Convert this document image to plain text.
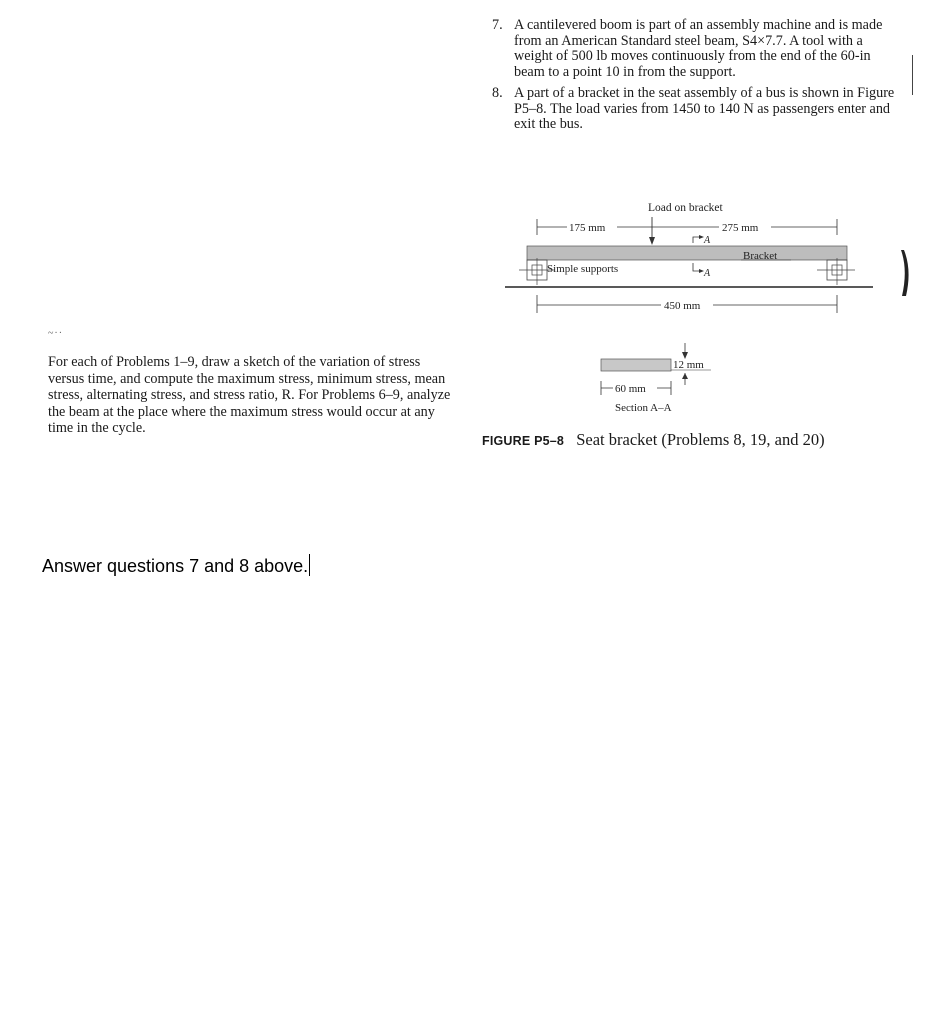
7. A cantilevered boom is part of an assembly machine and is made from an American Standard steel beam, S4×7.7. A tool with a weight of 500 lb moves continuously from the end of the 60-in beam to a point 10 in from the support.
8. A part of a bracket in the seat assembly of a bus is shown in Figure P5–8. The load varies from 1450 to 140 N as passengers enter and exit the bus.
~··
For each of Problems 1–9, draw a sketch of the variation of stress versus time, and compute the maximum stress, minimum stress, mean stress, alternating stress, and stress ratio, R. For Problems 6–9, analyze the beam at the place where the maximum stress would occur at any time in the cycle.
Load on bracket
175 mm	275 mm
A
Bracket
Simple supports	A
450 mm
12 mm
60 mm
Section A–A
FIGURE P5–8 Seat bracket (Problems 8, 19, and 20)
Answer questions 7 and 8 above.
